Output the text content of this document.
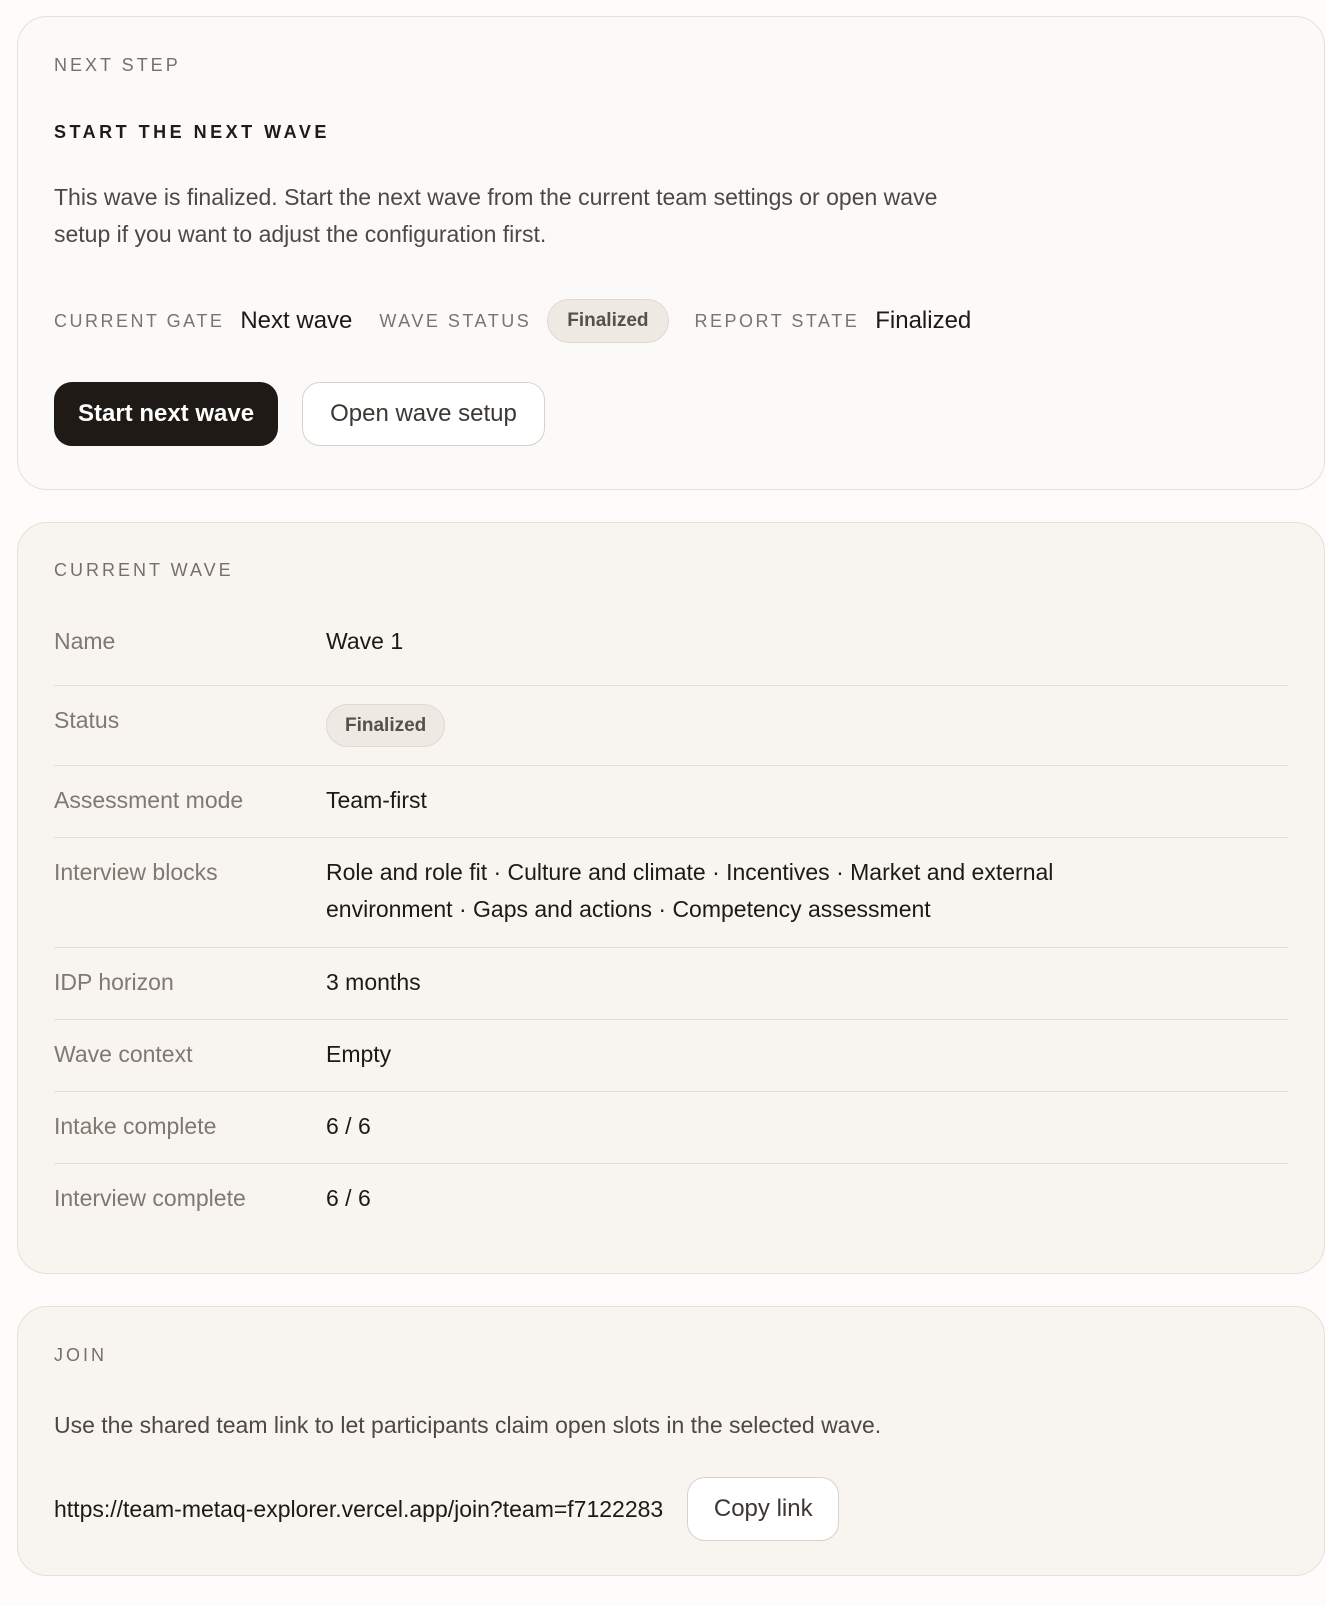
NEXT STEP
START THE NEXT WAVE
This wave is finalized. Start the next wave from the current team settings or open wave setup if you want to adjust the configuration first.
CURRENT GATE Next wave WAVE STATUS	Finalized	REPORT STATE Finalized
Start next wave	Open wave setup
CURRENT WAVE
Name	Wave 1
Status	Finalized
Assessment mode	Team-first
Interview blocks	Role and role fit · Culture and climate · Incentives · Market and external environment · Gaps and actions · Competency assessment
IDP horizon	3 months
Wave context	Empty
Intake complete	6 / 6
Interview complete	6 / 6
JOIN
Use the shared team link to let participants claim open slots in the selected wave.
https://team-metaq-explorer.vercel.app/join?team=f7122283	Copy link
